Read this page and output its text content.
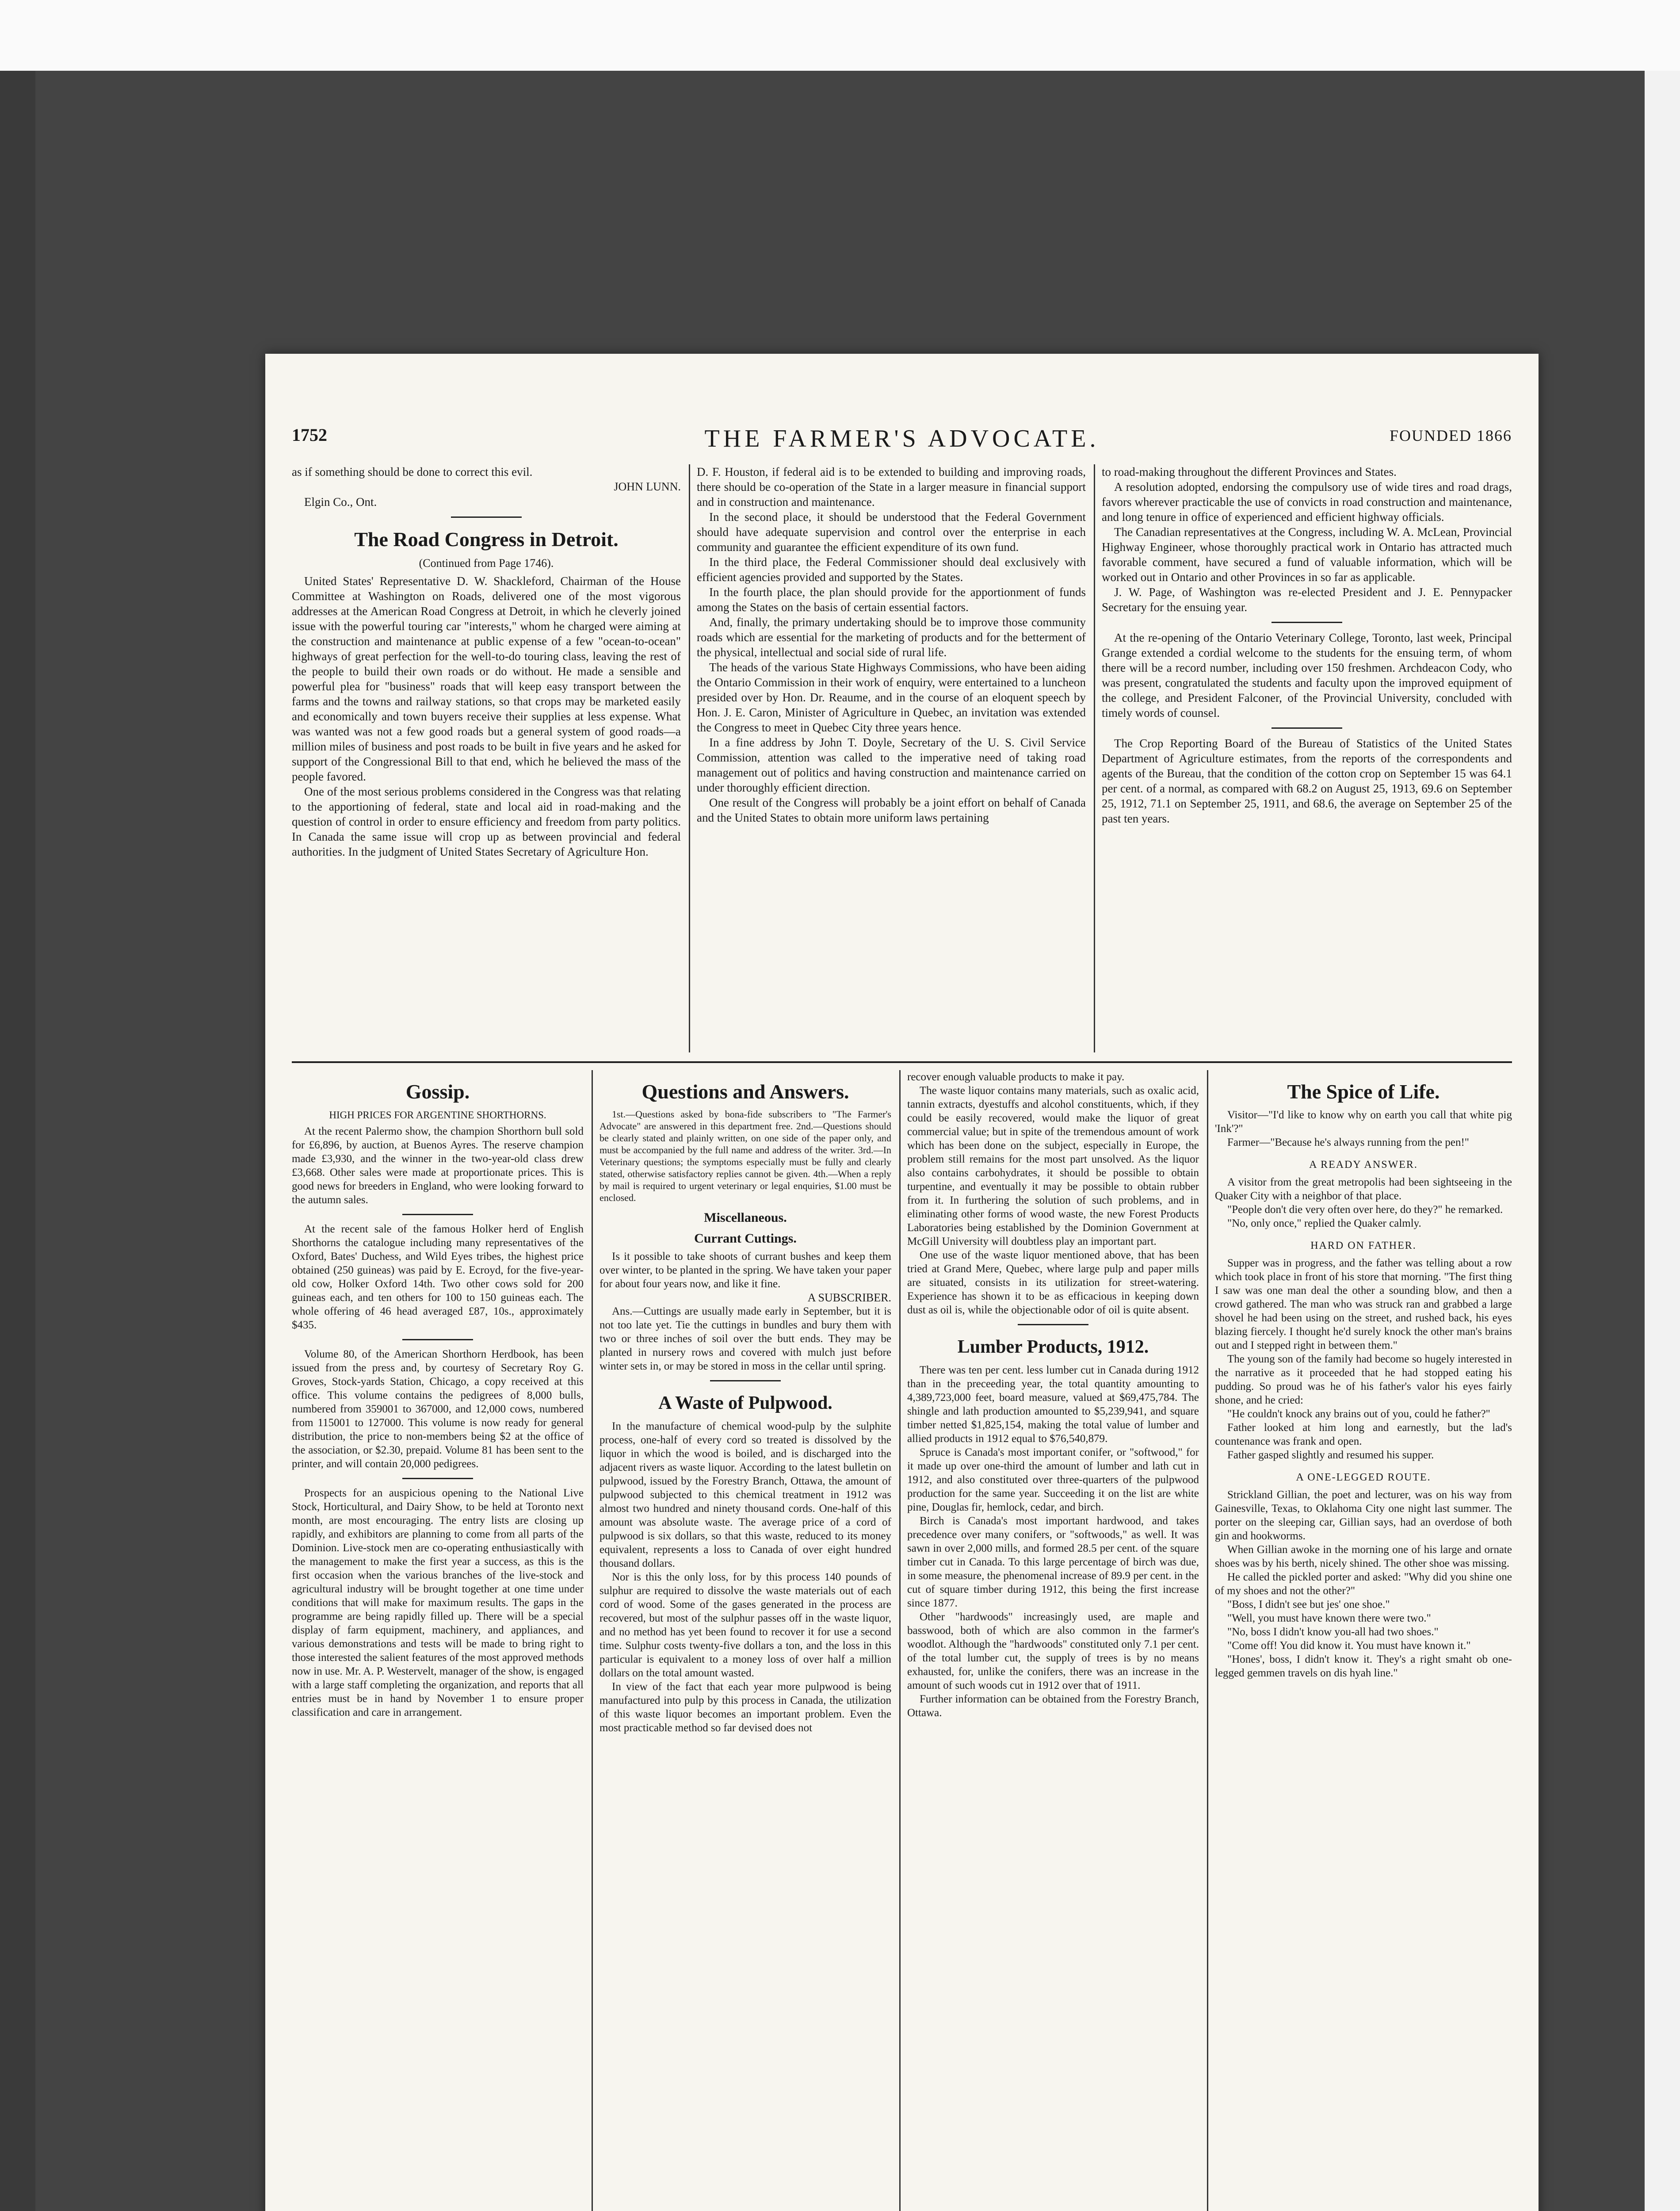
1752	THE FARMER'S ADVOCATE.	FOUNDED 1866

as if something should be done to correct this evil.

JOHN LUNN.

Elgin Co., Ont.

The Road Congress in Detroit.
(Continued from Page 1746).

United States' Representative D. W. Shackleford, Chairman of the House Committee at Washington on Roads, delivered one of the most vigorous addresses at the American Road Congress at Detroit, in which he cleverly joined issue with the powerful touring car "interests," whom he charged were aiming at the construction and maintenance at public expense of a few "ocean-to-ocean" highways of great perfection for the well-to-do touring class, leaving the rest of the people to build their own roads or do without. He made a sensible and powerful plea for "business" roads that will keep easy transport between the farms and the towns and railway stations, so that crops may be marketed easily and economically and town buyers receive their supplies at less expense. What was wanted was not a few good roads but a general system of good roads—a million miles of business and post roads to be built in five years and he asked for support of the Congressional Bill to that end, which he believed the mass of the people favored.

One of the most serious problems considered in the Congress was that relating to the apportioning of federal, state and local aid in road-making and the question of control in order to ensure efficiency and freedom from party politics. In Canada the same issue will crop up as between provincial and federal authorities. In the judgment of United States Secretary of Agriculture Hon.

D. F. Houston, if federal aid is to be extended to building and improving roads, there should be co-operation of the State in a larger measure in financial support and in construction and maintenance.

In the second place, it should be understood that the Federal Government should have adequate supervision and control over the enterprise in each community and guarantee the efficient expenditure of its own fund.

In the third place, the Federal Commissioner should deal exclusively with efficient agencies provided and supported by the States.

In the fourth place, the plan should provide for the apportionment of funds among the States on the basis of certain essential factors.

And, finally, the primary undertaking should be to improve those community roads which are essential for the marketing of products and for the betterment of the physical, intellectual and social side of rural life.

The heads of the various State Highways Commissions, who have been aiding the Ontario Commission in their work of enquiry, were entertained to a luncheon presided over by Hon. Dr. Reaume, and in the course of an eloquent speech by Hon. J. E. Caron, Minister of Agriculture in Quebec, an invitation was extended the Congress to meet in Quebec City three years hence.

In a fine address by John T. Doyle, Secretary of the U. S. Civil Service Commission, attention was called to the imperative need of taking road management out of politics and having construction and maintenance carried on under thoroughly efficient direction.

One result of the Congress will probably be a joint effort on behalf of Canada and the United States to obtain more uniform laws pertaining

to road-making throughout the different Provinces and States.

A resolution adopted, endorsing the compulsory use of wide tires and road drags, favors wherever practicable the use of convicts in road construction and maintenance, and long tenure in office of experienced and efficient highway officials.

The Canadian representatives at the Congress, including W. A. McLean, Provincial Highway Engineer, whose thoroughly practical work in Ontario has attracted much favorable comment, have secured a fund of valuable information, which will be worked out in Ontario and other Provinces in so far as applicable.

J. W. Page, of Washington was re-elected President and J. E. Pennypacker Secretary for the ensuing year.

At the re-opening of the Ontario Veterinary College, Toronto, last week, Principal Grange extended a cordial welcome to the students for the ensuing term, of whom there will be a record number, including over 150 freshmen. Archdeacon Cody, who was present, congratulated the students and faculty upon the improved equipment of the college, and President Falconer, of the Provincial University, concluded with timely words of counsel.

The Crop Reporting Board of the Bureau of Statistics of the United States Department of Agriculture estimates, from the reports of the correspondents and agents of the Bureau, that the condition of the cotton crop on September 15 was 64.1 per cent. of a normal, as compared with 68.2 on August 25, 1913, 69.6 on September 25, 1912, 71.1 on September 25, 1911, and 68.6, the average on September 25 of the past ten years.

Gossip.
HIGH PRICES FOR ARGENTINE SHORTHORNS.

At the recent Palermo show, the champion Shorthorn bull sold for £6,896, by auction, at Buenos Ayres. The reserve champion made £3,930, and the winner in the two-year-old class drew £3,668. Other sales were made at proportionate prices. This is good news for breeders in England, who were looking forward to the autumn sales.

At the recent sale of the famous Holker herd of English Shorthorns the catalogue including many representatives of the Oxford, Bates' Duchess, and Wild Eyes tribes, the highest price obtained (250 guineas) was paid by E. Ecroyd, for the five-year-old cow, Holker Oxford 14th. Two other cows sold for 200 guineas each, and ten others for 100 to 150 guineas each. The whole offering of 46 head averaged £87, 10s., approximately $435.

Volume 80, of the American Shorthorn Herdbook, has been issued from the press and, by courtesy of Secretary Roy G. Groves, Stock-yards Station, Chicago, a copy received at this office. This volume contains the pedigrees of 8,000 bulls, numbered from 359001 to 367000, and 12,000 cows, numbered from 115001 to 127000. This volume is now ready for general distribution, the price to non-members being $2 at the office of the association, or $2.30, prepaid. Volume 81 has been sent to the printer, and will contain 20,000 pedigrees.

Prospects for an auspicious opening to the National Live Stock, Horticultural, and Dairy Show, to be held at Toronto next month, are most encouraging. The entry lists are closing up rapidly, and exhibitors are planning to come from all parts of the Dominion. Live-stock men are co-operating enthusiastically with the management to make the first year a success, as this is the first occasion when the various branches of the live-stock and agricultural industry will be brought together at one time under conditions that will make for maximum results. The gaps in the programme are being rapidly filled up. There will be a special display of farm equipment, machinery, and appliances, and various demonstrations and tests will be made to bring right to those interested the salient features of the most approved methods now in use. Mr. A. P. Westervelt, manager of the show, is engaged with a large staff completing the organization, and reports that all entries must be in hand by November 1 to ensure proper classification and care in arrangement.

Questions and Answers.

1st.—Questions asked by bona-fide subscribers to "The Farmer's Advocate" are answered in this department free. 2nd.—Questions should be clearly stated and plainly written, on one side of the paper only, and must be accompanied by the full name and address of the writer. 3rd.—In Veterinary questions; the symptoms especially must be fully and clearly stated, otherwise satisfactory replies cannot be given. 4th.—When a reply by mail is required to urgent veterinary or legal enquiries, $1.00 must be enclosed.

Miscellaneous.
Currant Cuttings.

Is it possible to take shoots of currant bushes and keep them over winter, to be planted in the spring. We have taken your paper for about four years now, and like it fine.

A SUBSCRIBER.

Ans.—Cuttings are usually made early in September, but it is not too late yet. Tie the cuttings in bundles and bury them with two or three inches of soil over the butt ends. They may be planted in nursery rows and covered with mulch just before winter sets in, or may be stored in moss in the cellar until spring.

A Waste of Pulpwood.

In the manufacture of chemical wood-pulp by the sulphite process, one-half of every cord so treated is dissolved by the liquor in which the wood is boiled, and is discharged into the adjacent rivers as waste liquor. According to the latest bulletin on pulpwood, issued by the Forestry Branch, Ottawa, the amount of pulpwood subjected to this chemical treatment in 1912 was almost two hundred and ninety thousand cords. One-half of this amount was absolute waste. The average price of a cord of pulpwood is six dollars, so that this waste, reduced to its money equivalent, represents a loss to Canada of over eight hundred thousand dollars.

Nor is this the only loss, for by this process 140 pounds of sulphur are required to dissolve the waste materials out of each cord of wood. Some of the gases generated in the process are recovered, but most of the sulphur passes off in the waste liquor, and no method has yet been found to recover it for use a second time. Sulphur costs twenty-five dollars a ton, and the loss in this particular is equivalent to a money loss of over half a million dollars on the total amount wasted.

In view of the fact that each year more pulpwood is being manufactured into pulp by this process in Canada, the utilization of this waste liquor becomes an important problem. Even the most practicable method so far devised does not

recover enough valuable products to make it pay.

The waste liquor contains many materials, such as oxalic acid, tannin extracts, dyestuffs and alcohol constituents, which, if they could be easily recovered, would make the liquor of great commercial value; but in spite of the tremendous amount of work which has been done on the subject, especially in Europe, the problem still remains for the most part unsolved. As the liquor also contains carbohydrates, it should be possible to obtain turpentine, and eventually it may be possible to obtain rubber from it. In furthering the solution of such problems, and in eliminating other forms of wood waste, the new Forest Products Laboratories being established by the Dominion Government at McGill University will doubtless play an important part.

One use of the waste liquor mentioned above, that has been tried at Grand Mere, Quebec, where large pulp and paper mills are situated, consists in its utilization for street-watering. Experience has shown it to be as efficacious in keeping down dust as oil is, while the objectionable odor of oil is quite absent.

Lumber Products, 1912.

There was ten per cent. less lumber cut in Canada during 1912 than in the preceeding year, the total quantity amounting to 4,389,723,000 feet, board measure, valued at $69,475,784. The shingle and lath production amounted to $5,239,941, and square timber netted $1,825,154, making the total value of lumber and allied products in 1912 equal to $76,540,879.

Spruce is Canada's most important conifer, or "softwood," for it made up over one-third the amount of lumber and lath cut in 1912, and also constituted over three-quarters of the pulpwood production for the same year. Succeeding it on the list are white pine, Douglas fir, hemlock, cedar, and birch.

Birch is Canada's most important hardwood, and takes precedence over many conifers, or "softwoods," as well. It was sawn in over 2,000 mills, and formed 28.5 per cent. of the square timber cut in Canada. To this large percentage of birch was due, in some measure, the phenomenal increase of 89.9 per cent. in the cut of square timber during 1912, this being the first increase since 1877.

Other "hardwoods" increasingly used, are maple and basswood, both of which are also common in the farmer's woodlot. Although the "hardwoods" constituted only 7.1 per cent. of the total lumber cut, the supply of trees is by no means exhausted, for, unlike the conifers, there was an increase in the amount of such woods cut in 1912 over that of 1911.

Further information can be obtained from the Forestry Branch, Ottawa.

The Spice of Life.

Visitor—"I'd like to know why on earth you call that white pig 'Ink'?"

Farmer—"Because he's always running from the pen!"

A READY ANSWER.

A visitor from the great metropolis had been sightseeing in the Quaker City with a neighbor of that place.

"People don't die very often over here, do they?" he remarked.

"No, only once," replied the Quaker calmly.

HARD ON FATHER.

Supper was in progress, and the father was telling about a row which took place in front of his store that morning. "The first thing I saw was one man deal the other a sounding blow, and then a crowd gathered. The man who was struck ran and grabbed a large shovel he had been using on the street, and rushed back, his eyes blazing fiercely. I thought he'd surely knock the other man's brains out and I stepped right in between them."

The young son of the family had become so hugely interested in the narrative as it proceeded that he had stopped eating his pudding. So proud was he of his father's valor his eyes fairly shone, and he cried:

"He couldn't knock any brains out of you, could he father?"

Father looked at him long and earnestly, but the lad's countenance was frank and open.

Father gasped slightly and resumed his supper.

A ONE-LEGGED ROUTE.

Strickland Gillian, the poet and lecturer, was on his way from Gainesville, Texas, to Oklahoma City one night last summer. The porter on the sleeping car, Gillian says, had an overdose of both gin and hookworms.

When Gillian awoke in the morning one of his large and ornate shoes was by his berth, nicely shined. The other shoe was missing.

He called the pickled porter and asked: "Why did you shine one of my shoes and not the other?"

"Boss, I didn't see but jes' one shoe."

"Well, you must have known there were two."

"No, boss I didn't know you-all had two shoes."

"Come off! You did know it. You must have known it."

"Hones', boss, I didn't know it. They's a right smaht ob one-legged gemmen travels on dis hyah line."
